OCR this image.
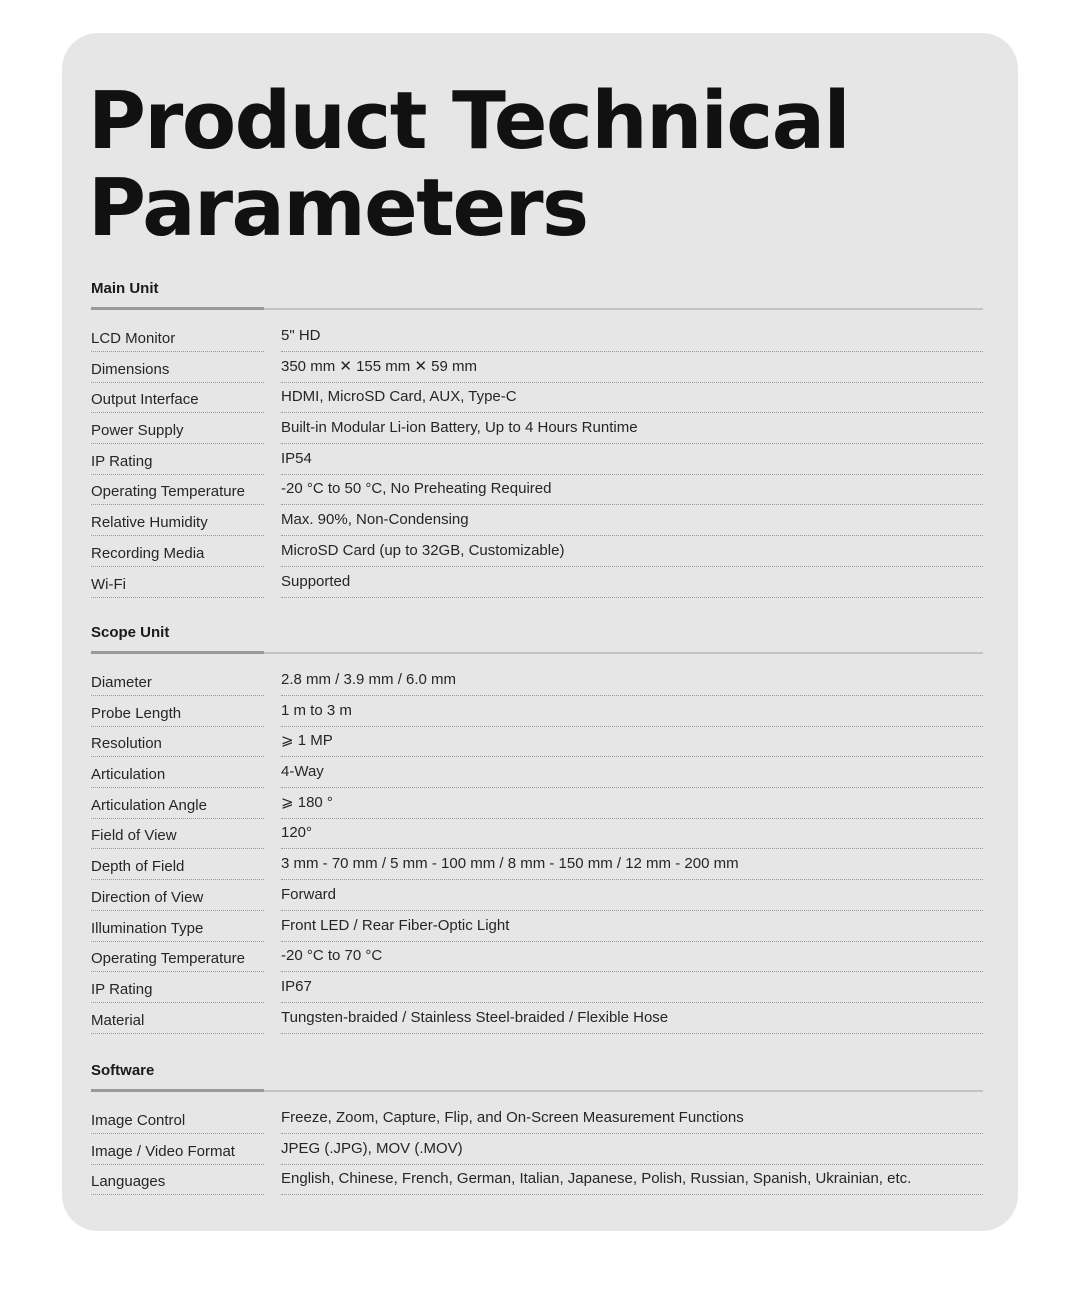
Product Technical
Parameters
Main Unit
LCD Monitor	5" HD
Dimensions	350 mm ✕ 155 mm ✕ 59 mm
Output Interface	HDMI, MicroSD Card, AUX, Type-C
Power Supply	Built-in Modular Li-ion Battery, Up to 4 Hours Runtime
IP Rating	IP54
Operating Temperature	-20 °C to 50 °C, No Preheating Required
Relative Humidity	Max. 90%, Non-Condensing
Recording Media	MicroSD Card (up to 32GB, Customizable)
Wi-Fi	Supported
Scope Unit
Diameter	2.8 mm / 3.9 mm / 6.0 mm
Probe Length	1 m to 3 m
Resolution	⩾ 1 MP
Articulation	4-Way
Articulation Angle	⩾ 180 °
Field of View	120°
Depth of Field	3 mm - 70 mm / 5 mm - 100 mm / 8 mm - 150 mm / 12 mm - 200 mm
Direction of View	Forward
Illumination Type	Front LED / Rear Fiber-Optic Light
Operating Temperature	-20 °C to 70 °C
IP Rating	IP67
Material	Tungsten-braided / Stainless Steel-braided / Flexible Hose
Software
Image Control	Freeze, Zoom, Capture, Flip, and On-Screen Measurement Functions
Image / Video Format	JPEG (.JPG), MOV (.MOV)
Languages	English, Chinese, French, German, Italian, Japanese, Polish, Russian, Spanish, Ukrainian, etc.
